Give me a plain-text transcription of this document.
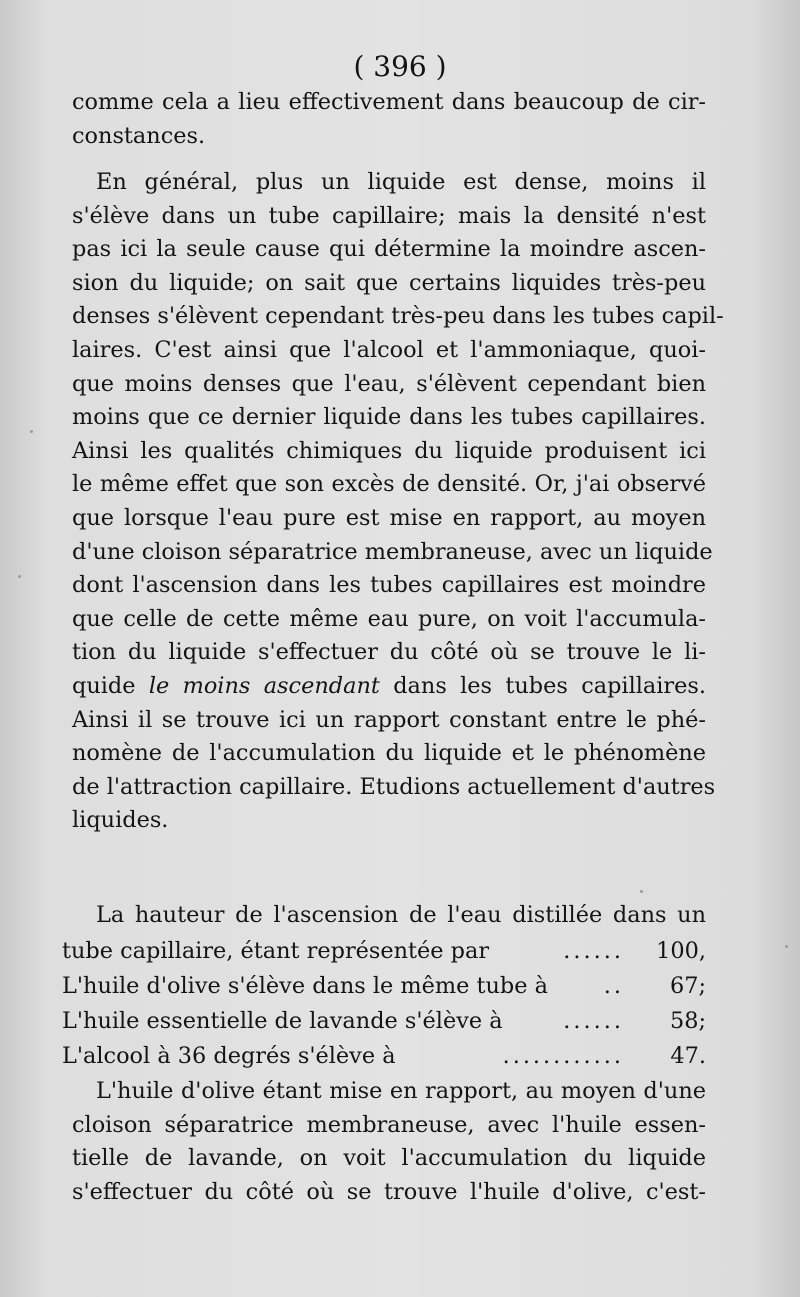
( 396 )
comme cela a lieu effectivement dans beaucoup de cir-
constances.
En général, plus un liquide est dense, moins il
s'élève dans un tube capillaire; mais la densité n'est
pas ici la seule cause qui détermine la moindre ascen-
sion du liquide; on sait que certains liquides très-peu
denses s'élèvent cependant très-peu dans les tubes capil-
laires. C'est ainsi que l'alcool et l'ammoniaque, quoi-
que moins denses que l'eau, s'élèvent cependant bien
moins que ce dernier liquide dans les tubes capillaires.
Ainsi les qualités chimiques du liquide produisent ici
le même effet que son excès de densité. Or, j'ai observé
que lorsque l'eau pure est mise en rapport, au moyen
d'une cloison séparatrice membraneuse, avec un liquide
dont l'ascension dans les tubes capillaires est moindre
que celle de cette même eau pure, on voit l'accumula-
tion du liquide s'effectuer du côté où se trouve le li-
quide le moins ascendant dans les tubes capillaires.
Ainsi il se trouve ici un rapport constant entre le phé-
nomène de l'accumulation du liquide et le phénomène
de l'attraction capillaire. Etudions actuellement d'autres
liquides.
La hauteur de l'ascension de l'eau distillée dans un
tube capillaire, étant représentée par	......	100,
L'huile d'olive s'élève dans le même tube à	..	67;
L'huile essentielle de lavande s'élève à	......	58;
L'alcool à 36 degrés s'élève à	............	47.
L'huile d'olive étant mise en rapport, au moyen d'une
cloison séparatrice membraneuse, avec l'huile essen-
tielle de lavande, on voit l'accumulation du liquide
s'effectuer du côté où se trouve l'huile d'olive, c'est-
